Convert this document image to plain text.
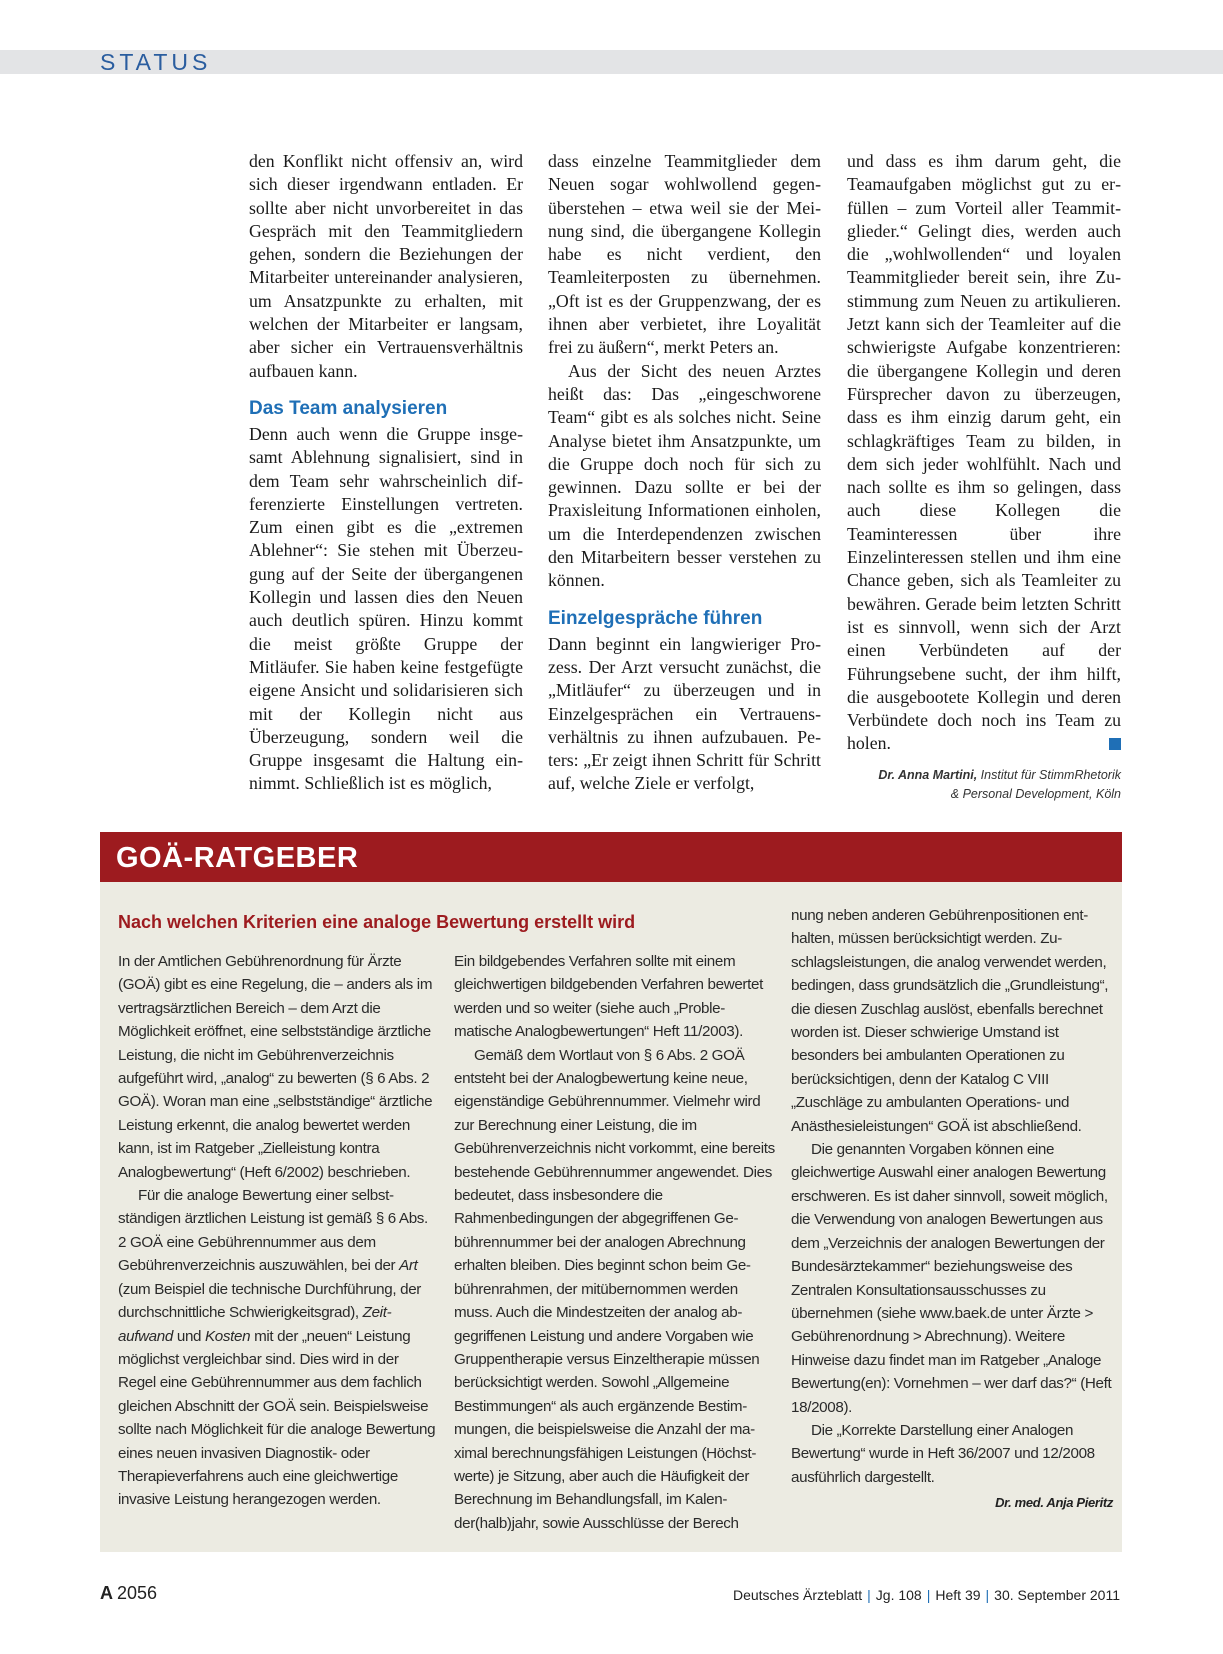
STATUS

den Konflikt nicht offensiv an, wird sich dieser irgendwann entladen. Er sollte aber nicht unvorbereitet in das Gespräch mit den Teammitgliedern gehen, sondern die Beziehungen der Mitarbeiter untereinander analysieren, um Ansatzpunkte zu erhalten, mit welchen der Mitarbeiter er langsam, aber sicher ein Vertrauensverhältnis aufbauen kann.

Das Team analysieren

Denn auch wenn die Gruppe insgesamt Ablehnung signalisiert, sind in dem Team sehr wahrscheinlich differenzierte Einstellungen vertreten. Zum einen gibt es die „extremen Ablehner“: Sie stehen mit Überzeugung auf der Seite der übergangenen Kollegin und lassen dies den Neuen auch deutlich spüren. Hinzu kommt die meist größte Gruppe der Mitläufer. Sie haben keine festgefügte eigene Ansicht und solidarisieren sich mit der Kollegin nicht aus Überzeugung, sondern weil die Gruppe insgesamt die Haltung einnimmt. Schließlich ist es möglich,

dass einzelne Teammitglieder dem Neuen sogar wohlwollend gegenüberstehen – etwa weil sie der Meinung sind, die übergangene Kollegin habe es nicht verdient, den Teamleiterposten zu übernehmen. „Oft ist es der Gruppenzwang, der es ihnen aber verbietet, ihre Loyalität frei zu äußern“, merkt Peters an.

Aus der Sicht des neuen Arztes heißt das: Das „eingeschworene Team“ gibt es als solches nicht. Seine Analyse bietet ihm Ansatzpunkte, um die Gruppe doch noch für sich zu gewinnen. Dazu sollte er bei der Praxisleitung Informationen einholen, um die Interdependenzen zwischen den Mitarbeitern besser verstehen zu können.

Einzelgespräche führen

Dann beginnt ein langwieriger Prozess. Der Arzt versucht zunächst, die „Mitläufer“ zu überzeugen und in Einzelgesprächen ein Vertrauensverhältnis zu ihnen aufzubauen. Peters: „Er zeigt ihnen Schritt für Schritt auf, welche Ziele er verfolgt,

und dass es ihm darum geht, die Teamaufgaben möglichst gut zu erfüllen – zum Vorteil aller Teammitglieder.“ Gelingt dies, werden auch die „wohlwollenden“ und loyalen Teammitglieder bereit sein, ihre Zustimmung zum Neuen zu artikulieren. Jetzt kann sich der Teamleiter auf die schwierigste Aufgabe konzentrieren: die übergangene Kollegin und deren Fürsprecher davon zu überzeugen, dass es ihm einzig darum geht, ein schlagkräftiges Team zu bilden, in dem sich jeder wohlfühlt. Nach und nach sollte es ihm so gelingen, dass auch diese Kollegen die Teaminteressen über ihre Einzelinteressen stellen und ihm eine Chance geben, sich als Teamleiter zu bewähren. Gerade beim letzten Schritt ist es sinnvoll, wenn sich der Arzt einen Verbündeten auf der Führungsebene sucht, der ihm hilft, die ausgebootete Kollegin und deren Verbündete doch noch ins Team zu holen.

Dr. Anna Martini, Institut für StimmRhetorik
& Personal Development, Köln
GOÄ-RATGEBER
Nach welchen Kriterien eine analoge Bewertung erstellt wird

In der Amtlichen Gebührenordnung für Ärzte (GOÄ) gibt es eine Regelung, die – anders als im vertragsärztlichen Bereich – dem Arzt die Möglichkeit eröffnet, eine selbstständige ärztliche Leistung, die nicht im Gebührenverzeichnis aufgeführt wird, „analog“ zu bewerten (§ 6 Abs. 2 GOÄ). Woran man eine „selbstständige“ ärztliche Leistung erkennt, die analog bewertet werden kann, ist im Ratgeber „Zielleistung kontra Analogbewertung“ (Heft 6/2002) beschrieben.

Für die analoge Bewertung einer selbstständigen ärztlichen Leistung ist gemäß § 6 Abs. 2 GOÄ eine Gebührennummer aus dem Gebührenverzeichnis auszuwählen, bei der Art (zum Beispiel die technische Durchführung, der durchschnittliche Schwierigkeitsgrad), Zeitaufwand und Kosten mit der „neuen“ Leistung möglichst vergleichbar sind. Dies wird in der Regel eine Gebührennummer aus dem fachlich gleichen Abschnitt der GOÄ sein. Beispielsweise sollte nach Möglichkeit für die analoge Bewertung eines neuen invasiven Diagnostik- oder Therapieverfahrens auch eine gleichwertige invasive Leistung herangezogen werden.

Ein bildgebendes Verfahren sollte mit einem gleichwertigen bildgebenden Verfahren bewertet werden und so weiter (siehe auch „Problematische Analogbewertungen“ Heft 11/2003).

Gemäß dem Wortlaut von § 6 Abs. 2 GOÄ entsteht bei der Analogbewertung keine neue, eigenständige Gebührennummer. Vielmehr wird zur Berechnung einer Leistung, die im Gebührenverzeichnis nicht vorkommt, eine bereits bestehende Gebührennummer angewendet. Dies bedeutet, dass insbesondere die Rahmenbedingungen der abgegriffenen Gebührennummer bei der analogen Abrechnung erhalten bleiben. Dies beginnt schon beim Gebührenrahmen, der mitübernommen werden muss. Auch die Mindestzeiten der analog abgegriffenen Leistung und andere Vorgaben wie Gruppentherapie versus Einzeltherapie müssen berücksichtigt werden. Sowohl „Allgemeine Bestimmungen“ als auch ergänzende Bestimmungen, die beispielsweise die Anzahl der maximal berechnungsfähigen Leistungen (Höchstwerte) je Sitzung, aber auch die Häufigkeit der Berechnung im Behandlungsfall, im Kalender(halb)jahr, sowie Ausschlüsse der Berech

nung neben anderen Gebührenpositionen enthalten, müssen berücksichtigt werden. Zuschlagsleistungen, die analog verwendet werden, bedingen, dass grundsätzlich die „Grundleistung“, die diesen Zuschlag auslöst, ebenfalls berechnet worden ist. Dieser schwierige Umstand ist besonders bei ambulanten Operationen zu berücksichtigen, denn der Katalog C VIII „Zuschläge zu ambulanten Operations- und Anästhesieleistungen“ GOÄ ist abschließend.

Die genannten Vorgaben können eine gleichwertige Auswahl einer analogen Bewertung erschweren. Es ist daher sinnvoll, soweit möglich, die Verwendung von analogen Bewertungen aus dem „Verzeichnis der analogen Bewertungen der Bundesärztekammer“ beziehungsweise des Zentralen Konsultationsausschusses zu übernehmen (siehe www.baek.de unter Ärzte > Gebührenordnung > Abrechnung). Weitere Hinweise dazu findet man im Ratgeber „Analoge Bewertung(en): Vornehmen – wer darf das?“ (Heft 18/2008).

Die „Korrekte Darstellung einer Analogen Bewertung“ wurde in Heft 36/2007 und 12/2008 ausführlich dargestellt.

Dr. med. Anja Pieritz
A 2056	Deutsches Ärzteblatt | Jg. 108 | Heft 39 | 30. September 2011
